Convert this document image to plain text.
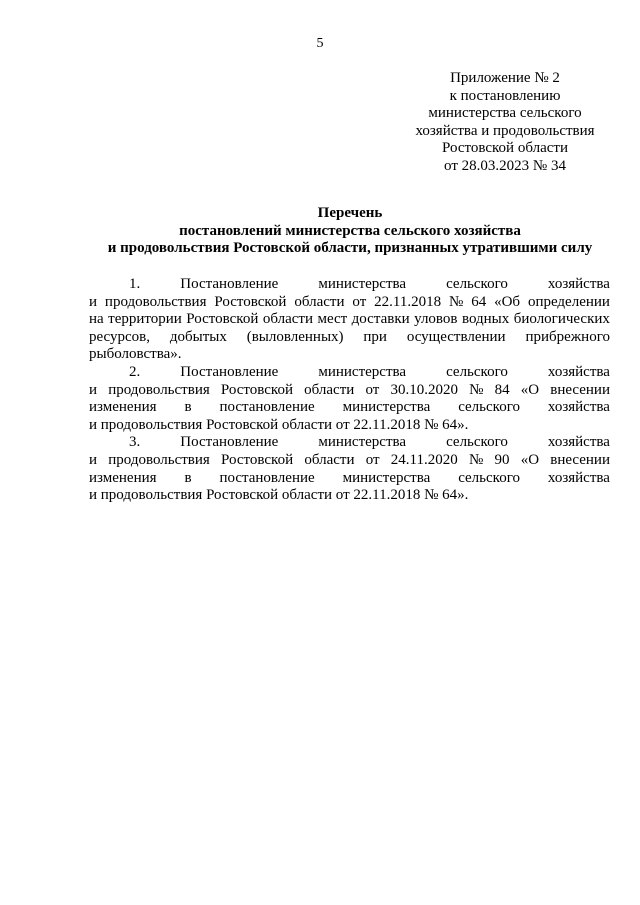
5
Приложение № 2
к постановлению
министерства сельского
хозяйства и продовольствия
Ростовской области
от 28.03.2023 № 34
Перечень
постановлений министерства сельского хозяйства
и продовольствия Ростовской области, признанных утратившими силу
1.	Постановление	министерства	сельского	хозяйства
и продовольствия Ростовской области от 22.11.2018 № 64 «Об определении
на территории Ростовской области мест доставки уловов водных биологических
ресурсов, добытых (выловленных) при осуществлении прибрежного
рыболовства».
2.	Постановление	министерства	сельского	хозяйства
и продовольствия Ростовской области от 30.10.2020 № 84 «О внесении
изменения в постановление министерства сельского хозяйства
и продовольствия Ростовской области от 22.11.2018 № 64».
3.	Постановление	министерства	сельского	хозяйства
и продовольствия Ростовской области от 24.11.2020 № 90 «О внесении
изменения в постановление министерства сельского хозяйства
и продовольствия Ростовской области от 22.11.2018 № 64».
